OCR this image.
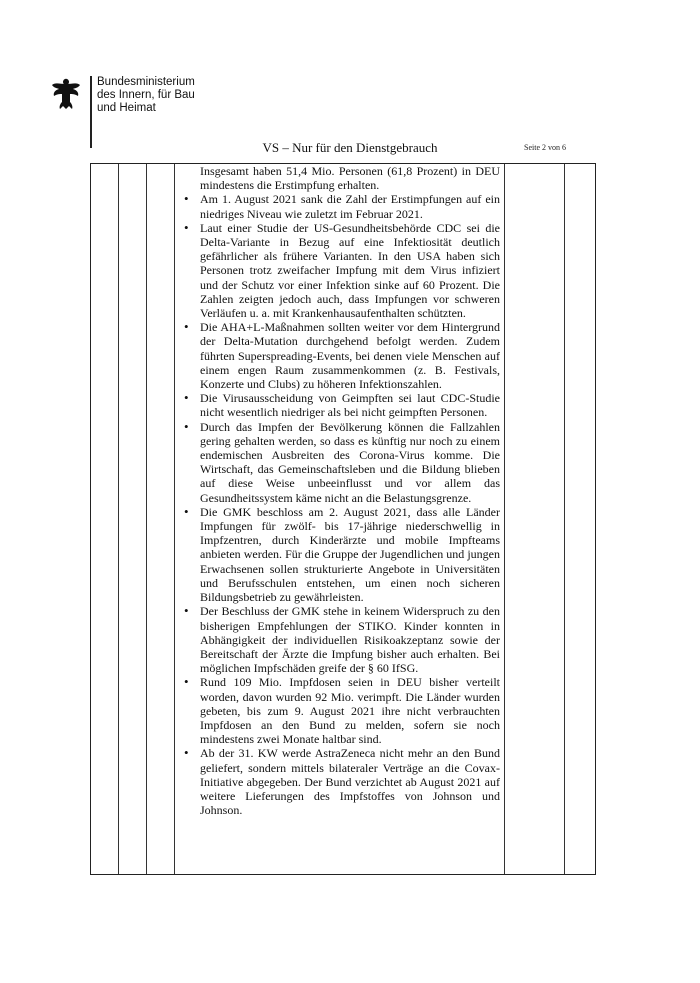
Bundesministerium
des Innern, für Bau
und Heimat
VS – Nur für den Dienstgebrauch	Seite 2 von 6

Insgesamt haben 51,4 Mio. Personen (61,8 Prozent) in DEU mindestens die Erstimpfung erhalten.

• Am 1. August 2021 sank die Zahl der Erstimpfungen auf ein niedriges Niveau wie zuletzt im Februar 2021.
• Laut einer Studie der US-Gesundheitsbehörde CDC sei die Delta-Variante in Bezug auf eine Infektiosität deutlich gefährlicher als frühere Varianten. In den USA haben sich Personen trotz zweifacher Impfung mit dem Virus infiziert und der Schutz vor einer Infektion sinke auf 60 Prozent. Die Zahlen zeigten jedoch auch, dass Impfungen vor schweren Verläufen u. a. mit Krankenhausaufenthalten schützten.
• Die AHA+L-Maßnahmen sollten weiter vor dem Hintergrund der Delta-Mutation durchgehend befolgt werden. Zudem führten Superspreading-Events, bei denen viele Menschen auf einem engen Raum zusammenkommen (z. B. Festivals, Konzerte und Clubs) zu höheren Infektionszahlen.
• Die Virusausscheidung von Geimpften sei laut CDC-Studie nicht wesentlich niedriger als bei nicht geimpften Personen.
• Durch das Impfen der Bevölkerung können die Fallzahlen gering gehalten werden, so dass es künftig nur noch zu einem endemischen Ausbreiten des Corona-Virus komme. Die Wirtschaft, das Gemeinschaftsleben und die Bildung blieben auf diese Weise unbeeinflusst und vor allem das Gesundheitssystem käme nicht an die Belastungsgrenze.
• Die GMK beschloss am 2. August 2021, dass alle Länder Impfungen für zwölf- bis 17-jährige niederschwellig in Impfzentren, durch Kinderärzte und mobile Impfteams anbieten werden. Für die Gruppe der Jugendlichen und jungen Erwachsenen sollen strukturierte Angebote in Universitäten und Berufsschulen entstehen, um einen noch sicheren Bildungsbetrieb zu gewährleisten.
• Der Beschluss der GMK stehe in keinem Widerspruch zu den bisherigen Empfehlungen der STIKO. Kinder konnten in Abhängigkeit der individuellen Risikoakzeptanz sowie der Bereitschaft der Ärzte die Impfung bisher auch erhalten. Bei möglichen Impfschäden greife der § 60 IfSG.
• Rund 109 Mio. Impfdosen seien in DEU bisher verteilt worden, davon wurden 92 Mio. verimpft. Die Länder wurden gebeten, bis zum 9. August 2021 ihre nicht verbrauchten Impfdosen an den Bund zu melden, sofern sie noch mindestens zwei Monate haltbar sind.
• Ab der 31. KW werde AstraZeneca nicht mehr an den Bund geliefert, sondern mittels bilateraler Verträge an die Covax-Initiative abgegeben. Der Bund verzichtet ab August 2021 auf weitere Lieferungen des Impfstoffes von Johnson und Johnson.
